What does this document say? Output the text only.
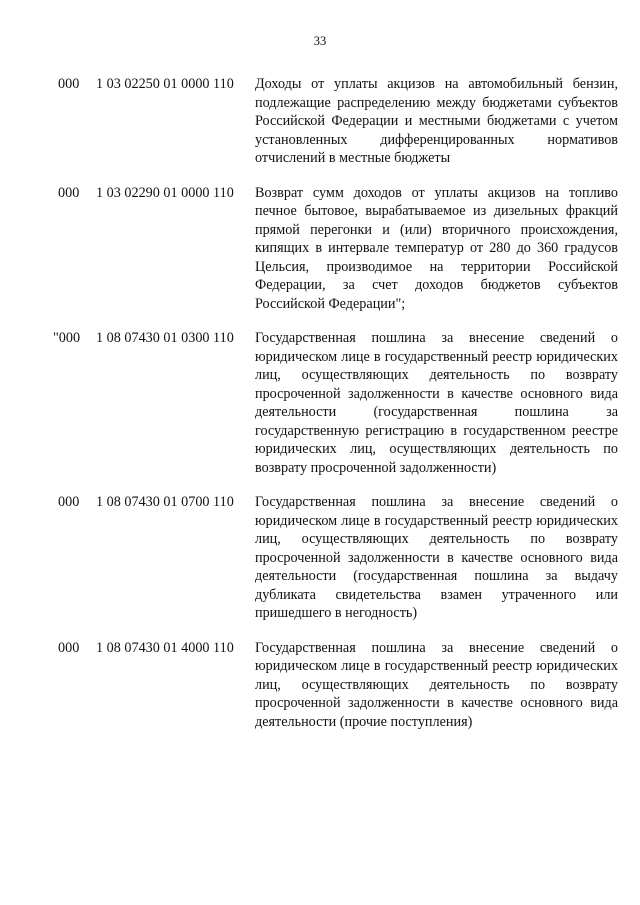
33
000	1 03 02250 01 0000 110	Доходы от уплаты акцизов на автомобильный бензин, подлежащие распределению между бюджетами субъектов Российской Федерации и местными бюджетами с учетом установленных дифференцированных нормативов отчислений в местные бюджеты
000	1 03 02290 01 0000 110	Возврат сумм доходов от уплаты акцизов на топливо печное бытовое, вырабатываемое из дизельных фракций прямой перегонки и (или) вторичного происхождения, кипящих в интервале температур от 280 до 360 градусов Цельсия, производимое на территории Российской Федерации, за счет доходов бюджетов субъектов Российской Федерации";
"000	1 08 07430 01 0300 110	Государственная пошлина за внесение сведений о юридическом лице в государственный реестр юридических лиц, осуществляющих деятельность по возврату просроченной задолженности в качестве основного вида деятельности (государственная пошлина за государственную регистрацию в государственном реестре юридических лиц, осуществляющих деятельность по возврату просроченной задолженности)
000	1 08 07430 01 0700 110	Государственная пошлина за внесение сведений о юридическом лице в государственный реестр юридических лиц, осуществляющих деятельность по возврату просроченной задолженности в качестве основного вида деятельности (государственная пошлина за выдачу дубликата свидетельства взамен утраченного или пришедшего в негодность)
000	1 08 07430 01 4000 110	Государственная пошлина за внесение сведений о юридическом лице в государственный реестр юридических лиц, осуществляющих деятельность по возврату просроченной задолженности в качестве основного вида деятельности (прочие поступления)
